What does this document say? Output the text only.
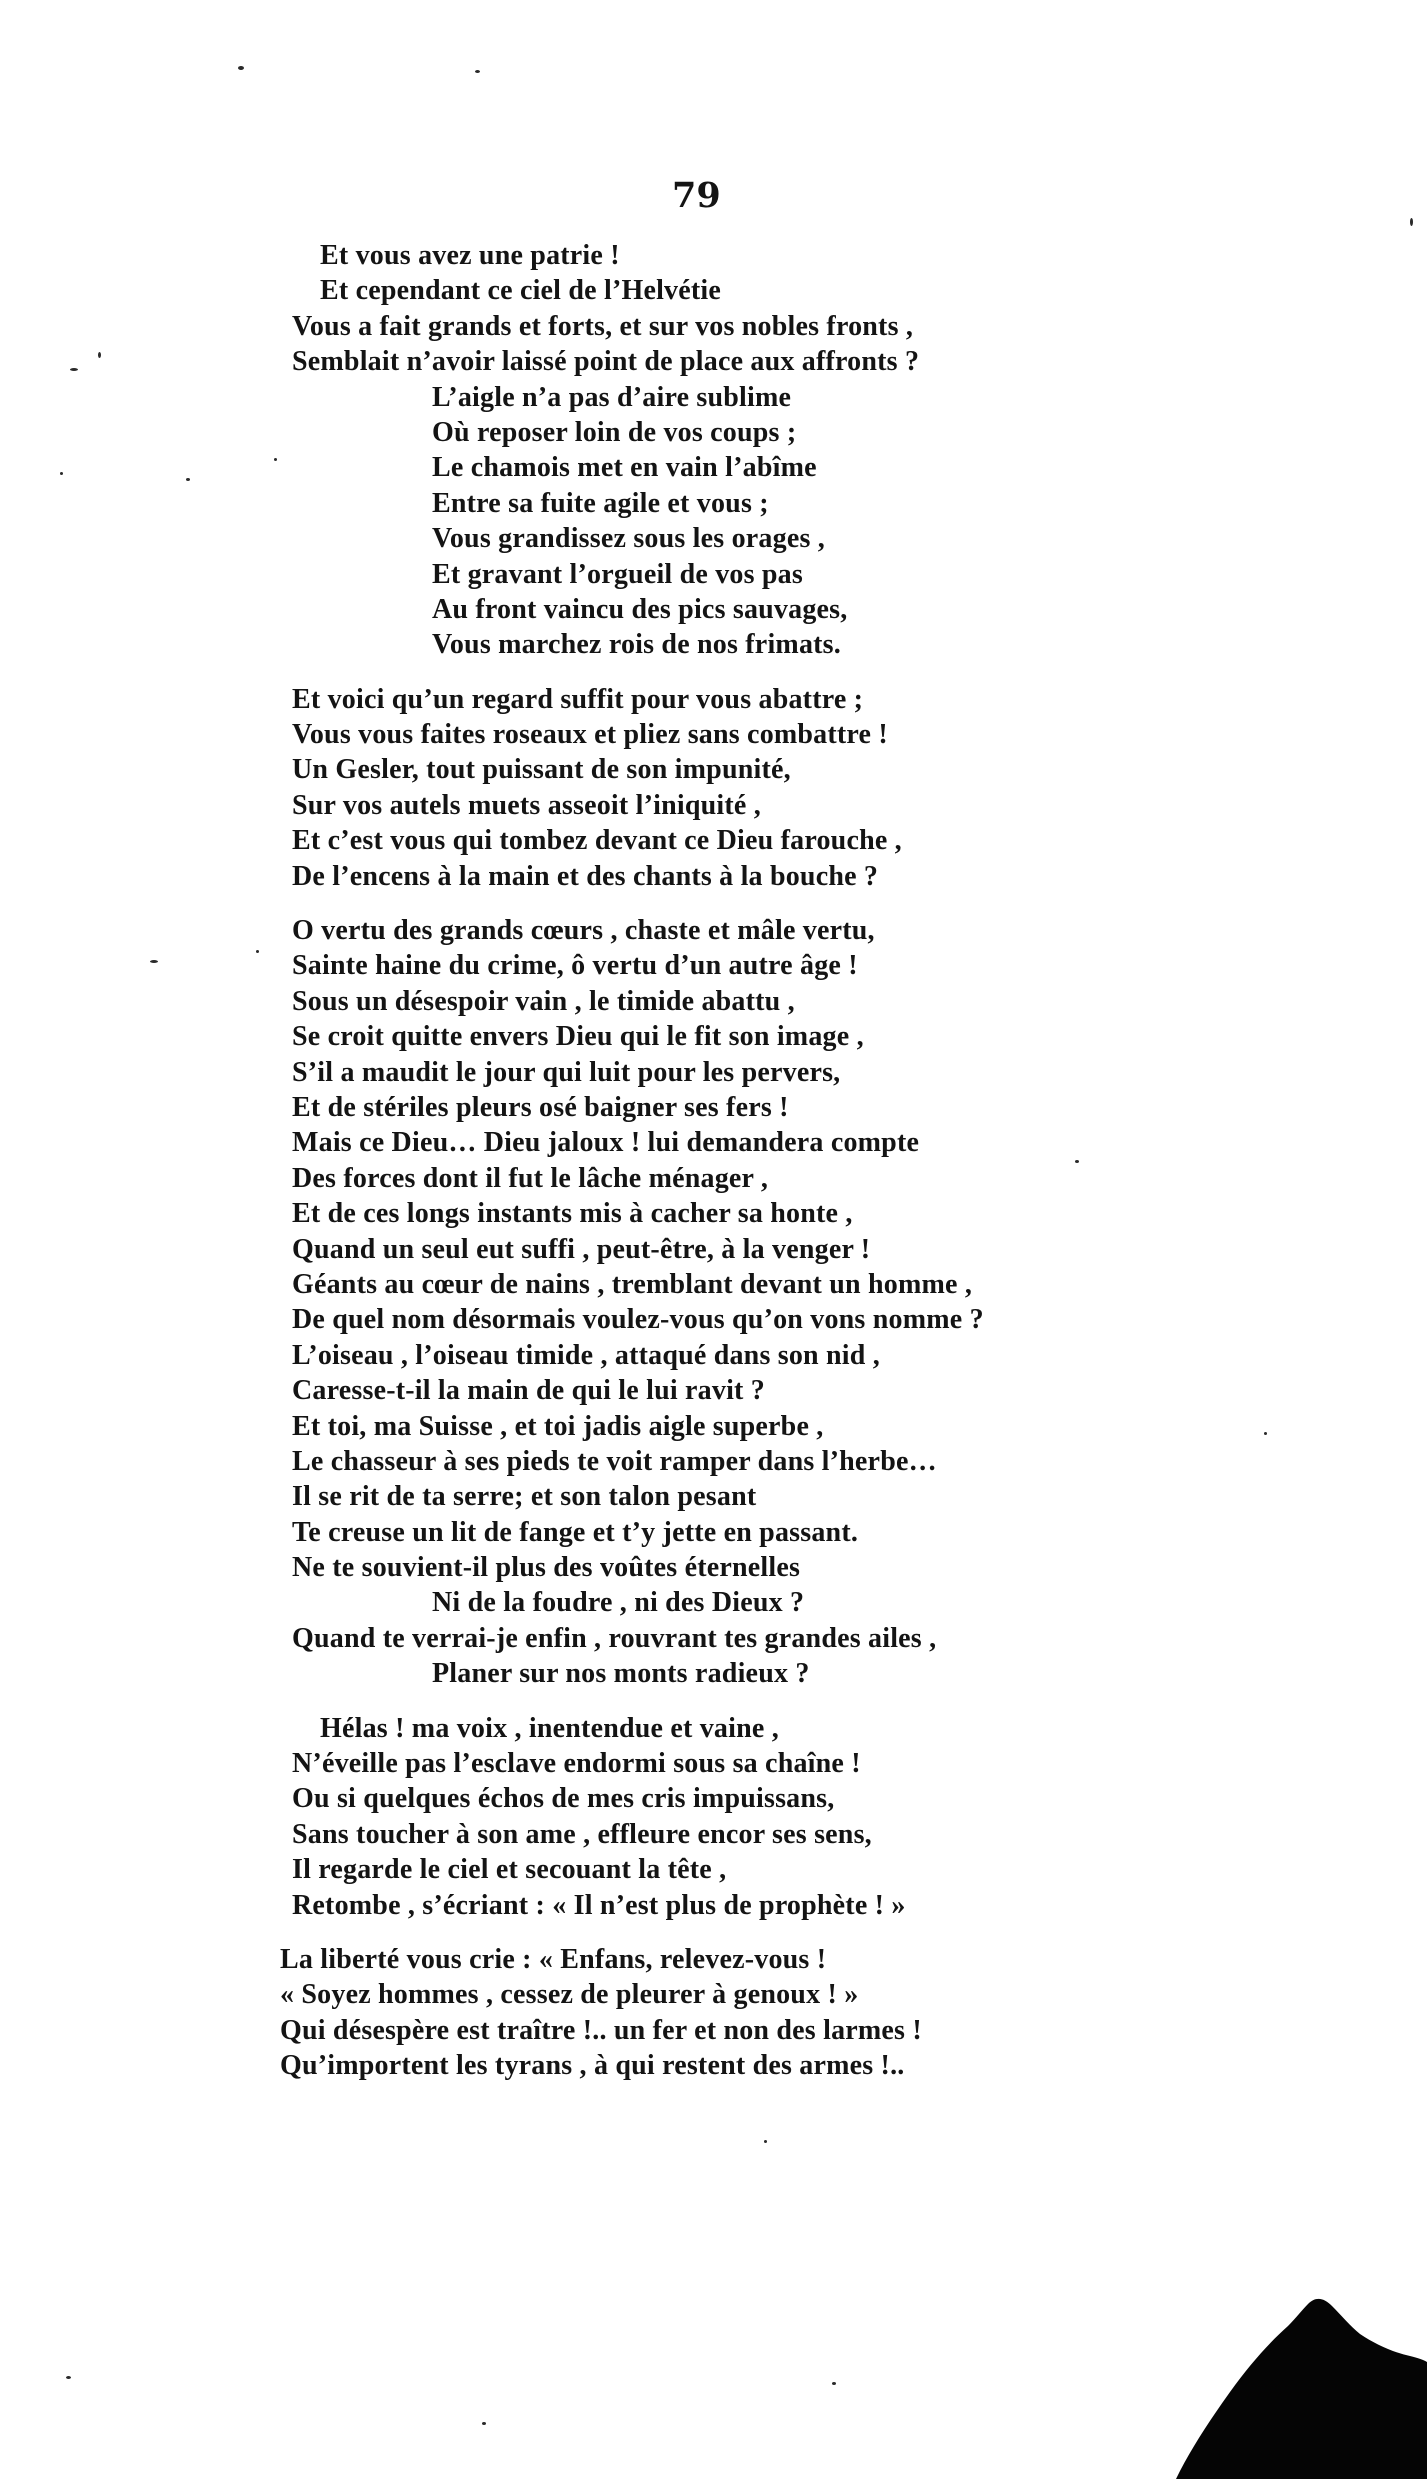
79
Et vous avez une patrie !
Et cependant ce ciel de l’Helvétie
Vous a fait grands et forts, et sur vos nobles fronts ,
Semblait n’avoir laissé point de place aux affronts ?
L’aigle n’a pas d’aire sublime
Où reposer loin de vos coups ;
Le chamois met en vain l’abîme
Entre sa fuite agile et vous ;
Vous grandissez sous les orages ,
Et gravant l’orgueil de vos pas
Au front vaincu des pics sauvages,
Vous marchez rois de nos frimats.
Et voici qu’un regard suffit pour vous abattre ;
Vous vous faites roseaux et pliez sans combattre !
Un Gesler, tout puissant de son impunité,
Sur vos autels muets asseoit l’iniquité ,
Et c’est vous qui tombez devant ce Dieu farouche ,
De l’encens à la main et des chants à la bouche ?
O vertu des grands cœurs , chaste et mâle vertu,
Sainte haine du crime, ô vertu d’un autre âge !
Sous un désespoir vain , le timide abattu ,
Se croit quitte envers Dieu qui le fit son image ,
S’il a maudit le jour qui luit pour les pervers,
Et de stériles pleurs osé baigner ses fers !
Mais ce Dieu… Dieu jaloux ! lui demandera compte
Des forces dont il fut le lâche ménager ,
Et de ces longs instants mis à cacher sa honte ,
Quand un seul eut suffi , peut-être, à la venger !
Géants au cœur de nains , tremblant devant un homme ,
De quel nom désormais voulez-vous qu’on vons nomme ?
L’oiseau , l’oiseau timide , attaqué dans son nid ,
Caresse-t-il la main de qui le lui ravit ?
Et toi, ma Suisse , et toi jadis aigle superbe ,
Le chasseur à ses pieds te voit ramper dans l’herbe…
Il se rit de ta serre; et son talon pesant
Te creuse un lit de fange et t’y jette en passant.
Ne te souvient-il plus des voûtes éternelles
Ni de la foudre , ni des Dieux ?
Quand te verrai-je enfin , rouvrant tes grandes ailes ,
Planer sur nos monts radieux ?
Hélas ! ma voix , inentendue et vaine ,
N’éveille pas l’esclave endormi sous sa chaîne !
Ou si quelques échos de mes cris impuissans,
Sans toucher à son ame , effleure encor ses sens,
Il regarde le ciel et secouant la tête ,
Retombe , s’écriant : « Il n’est plus de prophète ! »
La liberté vous crie : « Enfans, relevez-vous !
« Soyez hommes , cessez de pleurer à genoux ! »
Qui désespère est traître !.. un fer et non des larmes !
Qu’importent les tyrans , à qui restent des armes !..
